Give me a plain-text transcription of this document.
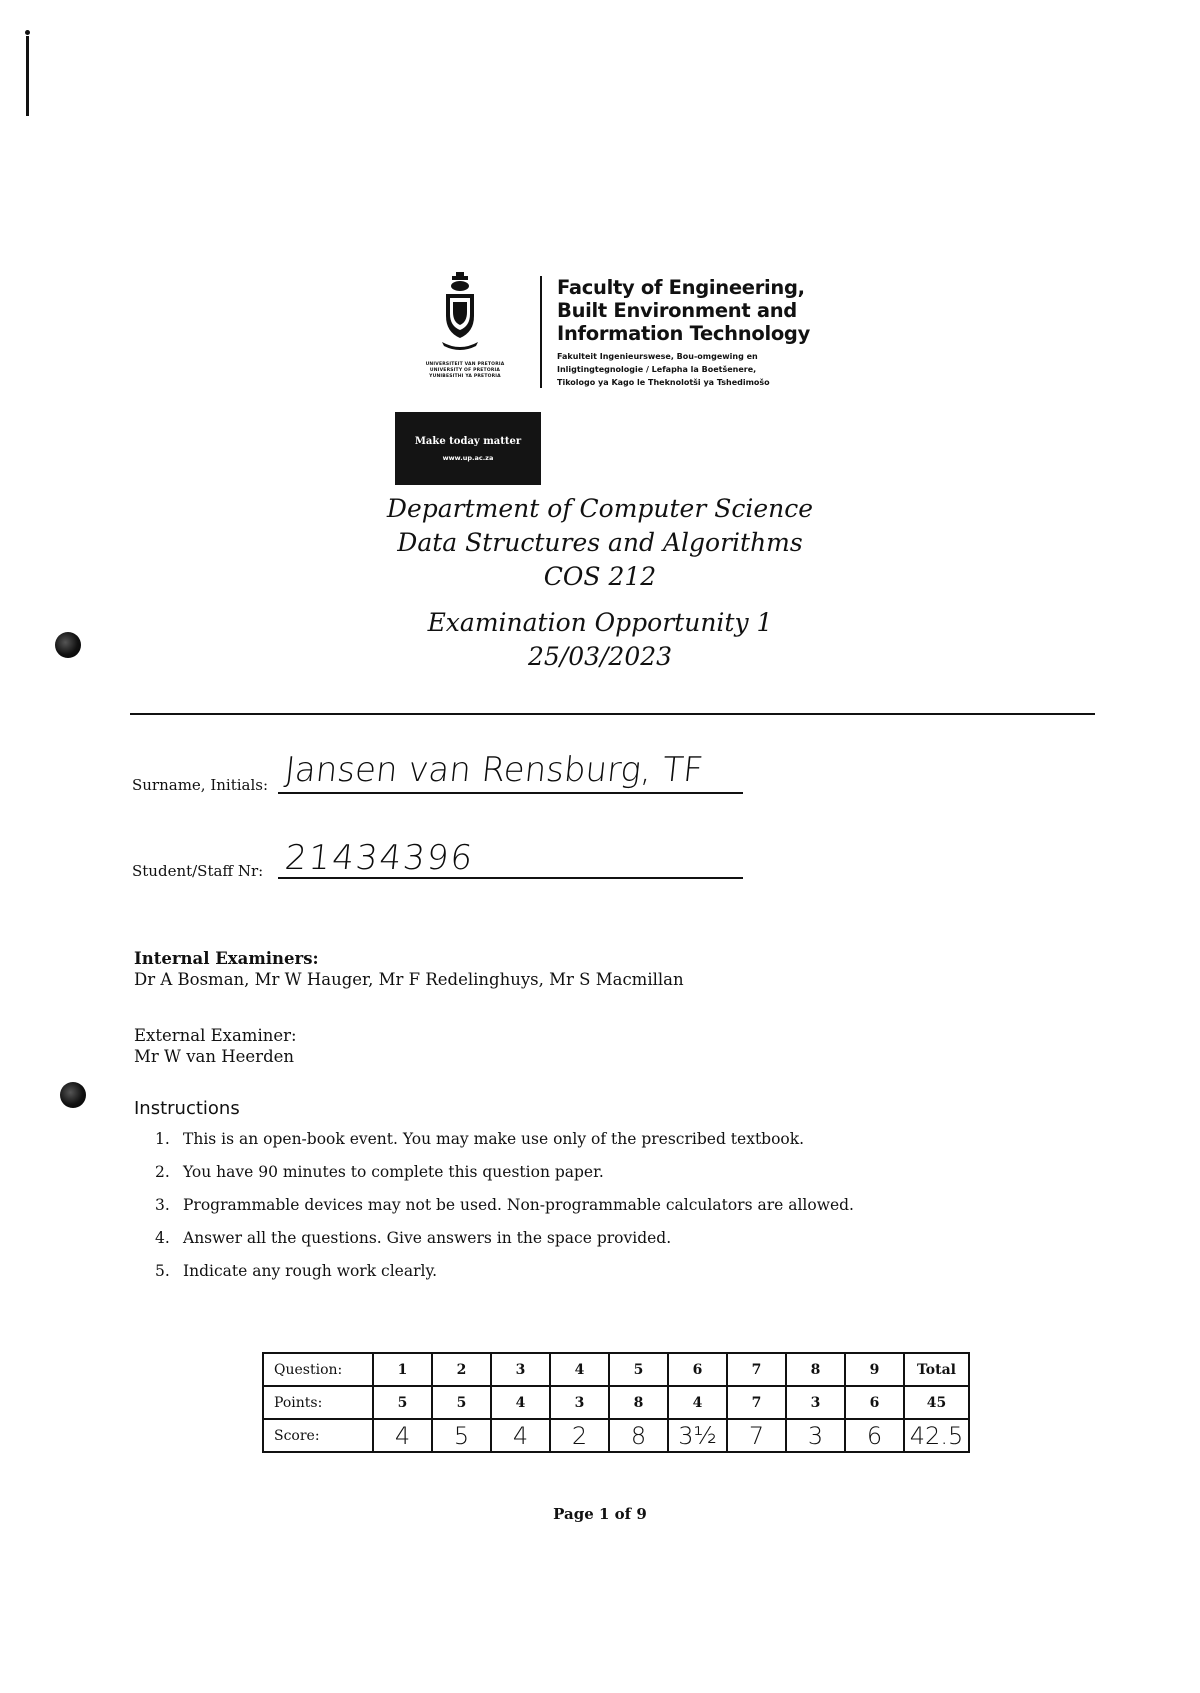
UNIVERSITEIT VAN PRETORIA
UNIVERSITY OF PRETORIA
YUNIBESITHI YA PRETORIA
Faculty of Engineering,
Built Environment and
Information Technology
Fakulteit Ingenieurswese, Bou-omgewing en
Inligtingtegnologie / Lefapha la Boetšenere,
Tikologo ya Kago le Theknolotši ya Tshedimošo
Make today matter
www.up.ac.za
Department of Computer Science
Data Structures and Algorithms
COS 212
Examination Opportunity 1
25/03/2023
Surname, Initials: Jansen van Rensburg, TF
Student/Staff Nr: 21434396
Internal Examiners:
Dr A Bosman, Mr W Hauger, Mr F Redelinghuys, Mr S Macmillan
External Examiner:
Mr W van Heerden
Instructions
1. This is an open-book event. You may make use only of the prescribed textbook.
2. You have 90 minutes to complete this question paper.
3. Programmable devices may not be used. Non-programmable calculators are allowed.
4. Answer all the questions. Give answers in the space provided.
5. Indicate any rough work clearly.
Question:	1	2	3	4	5	6	7	8	9	Total
Points:	5	5	4	3	8	4	7	3	6	45
Score:	4	5	4	2	8	3½	7	3	6	42.5
Page 1 of 9
